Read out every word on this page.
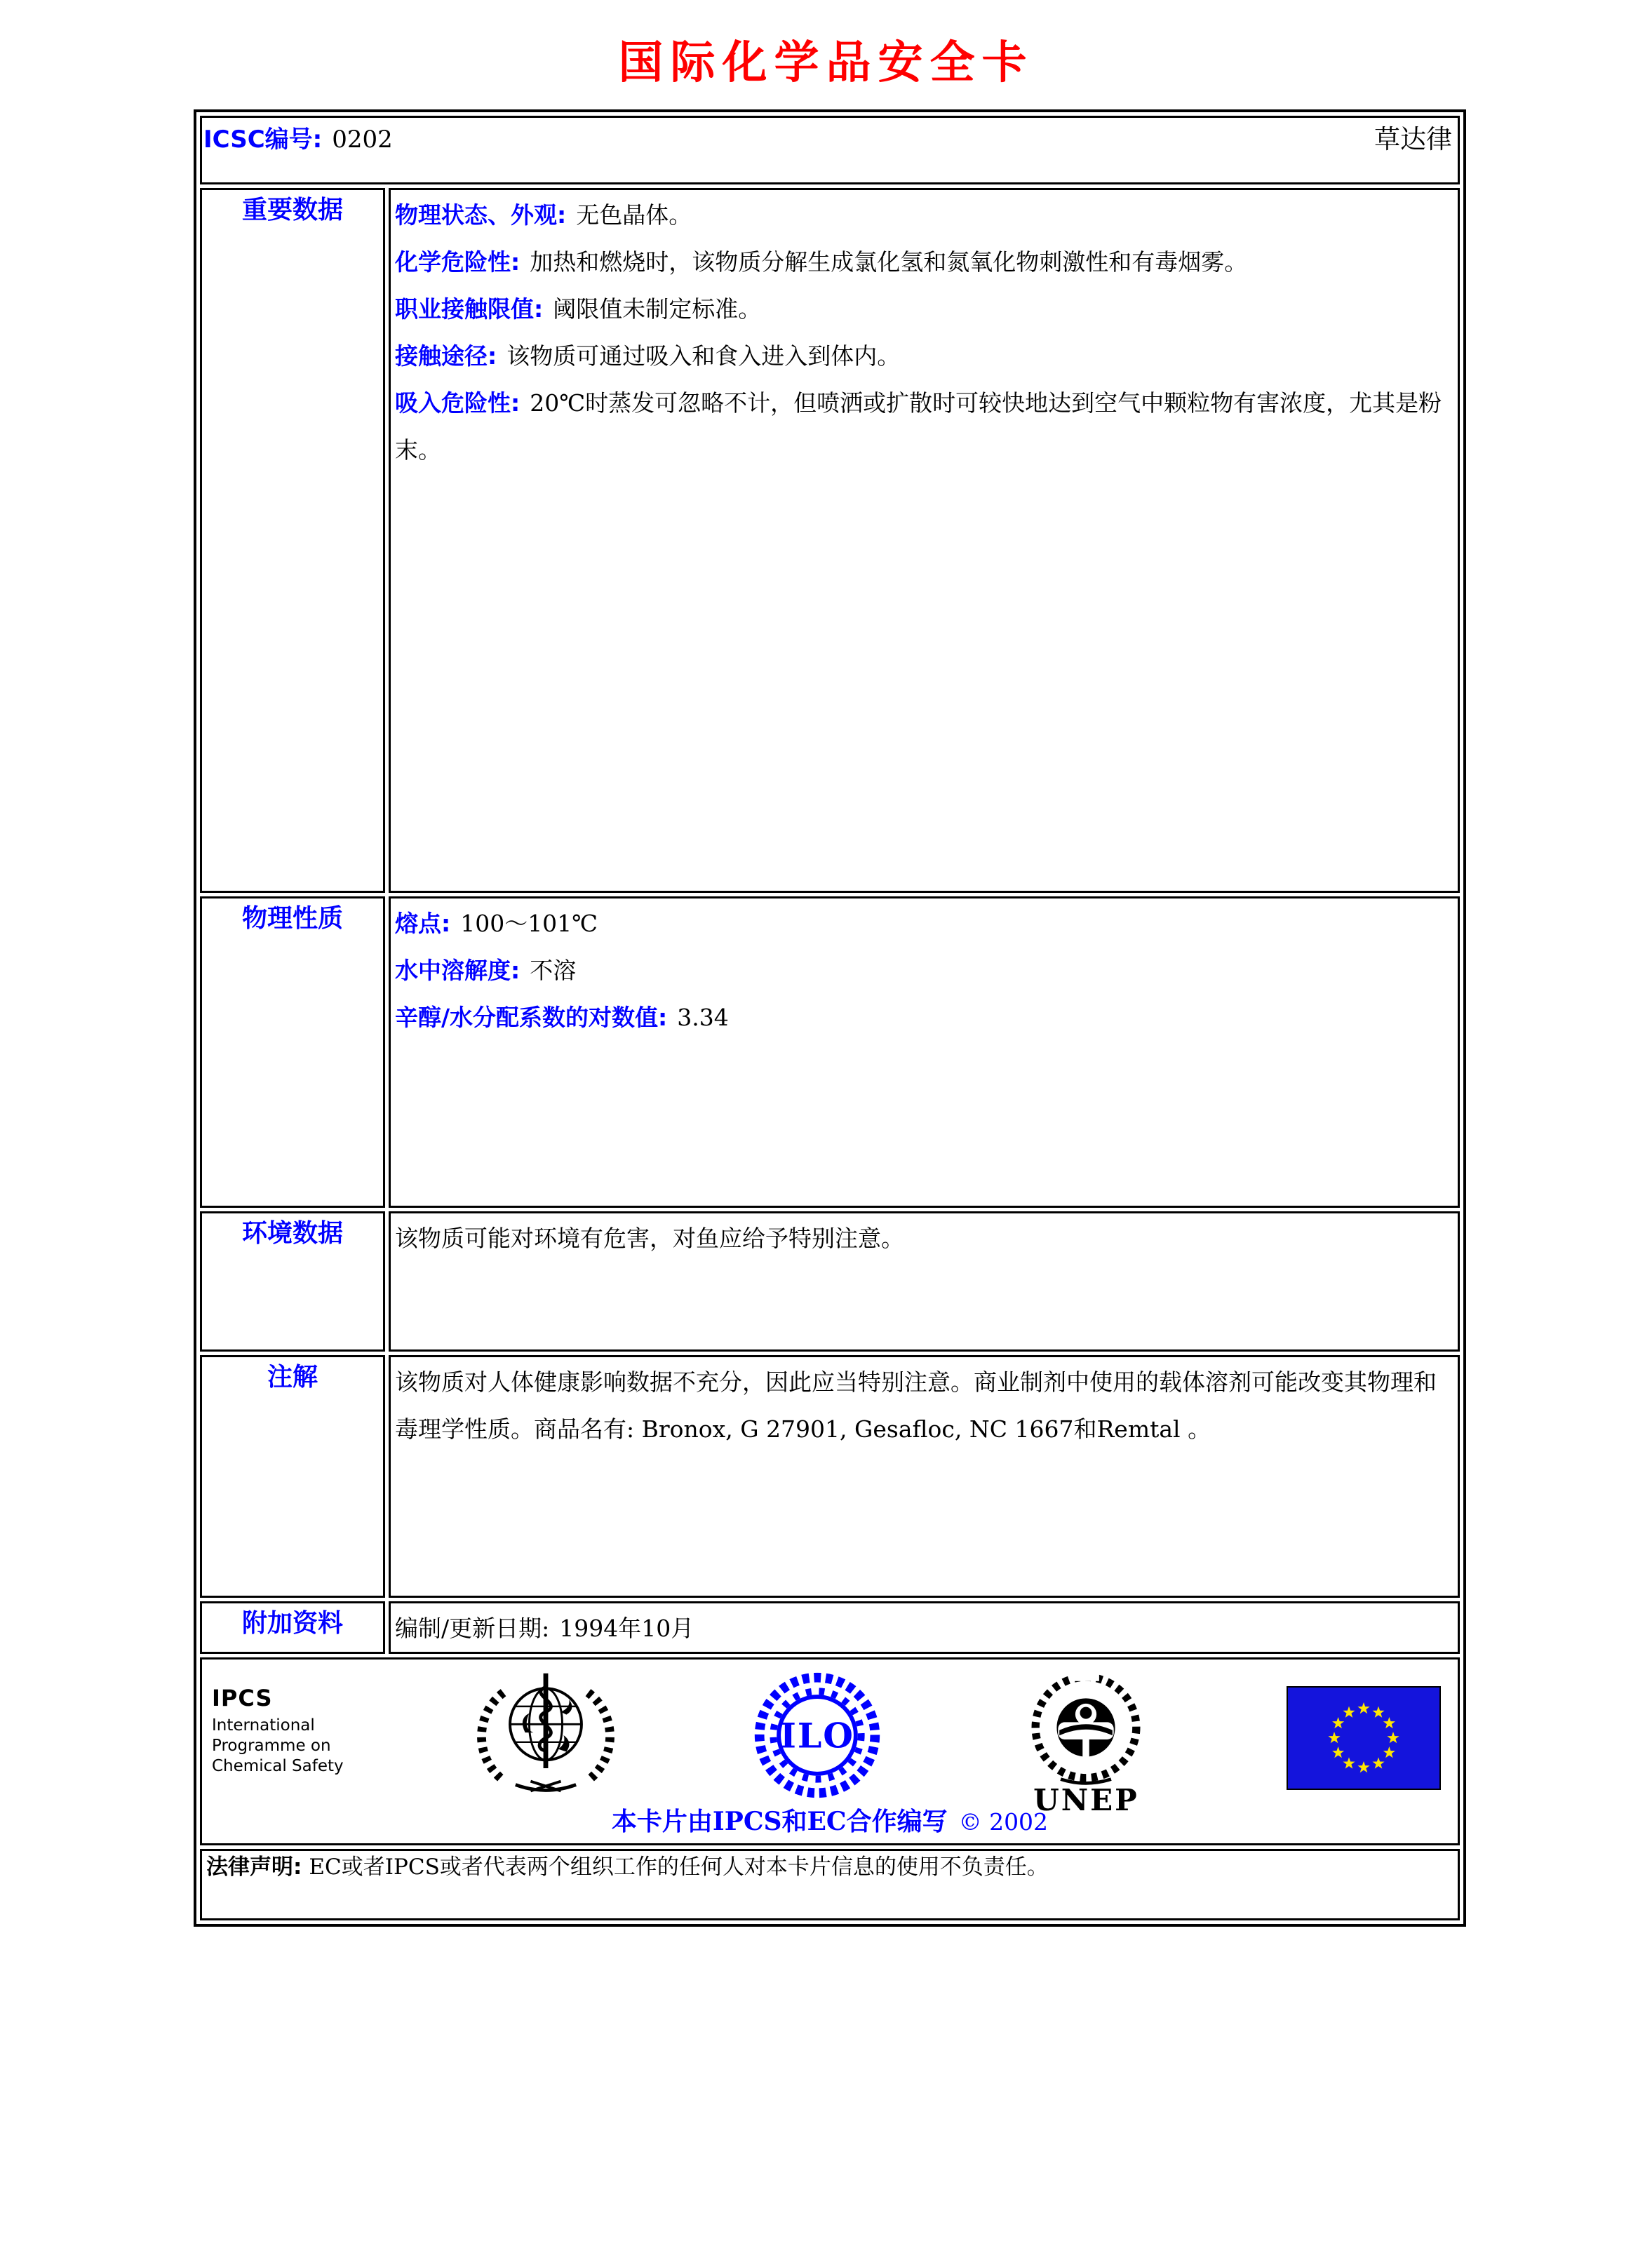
国际化学品安全卡
ICSC编号: 0202 草达律	

重要数据	物理状态、外观: 无色晶体。

化学危险性: 加热和燃烧时，该物质分解生成氯化氢和氮氧化物刺激性和有毒烟雾。

职业接触限值: 阈限值未制定标准。

接触途径: 该物质可通过吸入和食入进入到体内。

吸入危险性: 20℃时蒸发可忽略不计，但喷洒或扩散时可较快地达到空气中颗粒物有害浓度，尤其是粉末。

物理性质	熔点: 100～101℃

水中溶解度: 不溶

辛醇/水分配系数的对数值: 3.34

环境数据	该物质可能对环境有危害，对鱼应给予特别注意。

注解	该物质对人体健康影响数据不充分，因此应当特别注意。商业制剂中使用的载体溶剂可能改变其物理和毒理学性质。商品名有: Bronox, G 27901, Gesafloc, NC 1667和Remtal 。

附加资料	编制/更新日期: 1994年10月

IPCS
International
Programme on
Chemical Safety
ILO
UNEP
本卡片由IPCS和EC合作编写 © 2002

法律声明: EC或者IPCS或者代表两个组织工作的任何人对本卡片信息的使用不负责任。	
